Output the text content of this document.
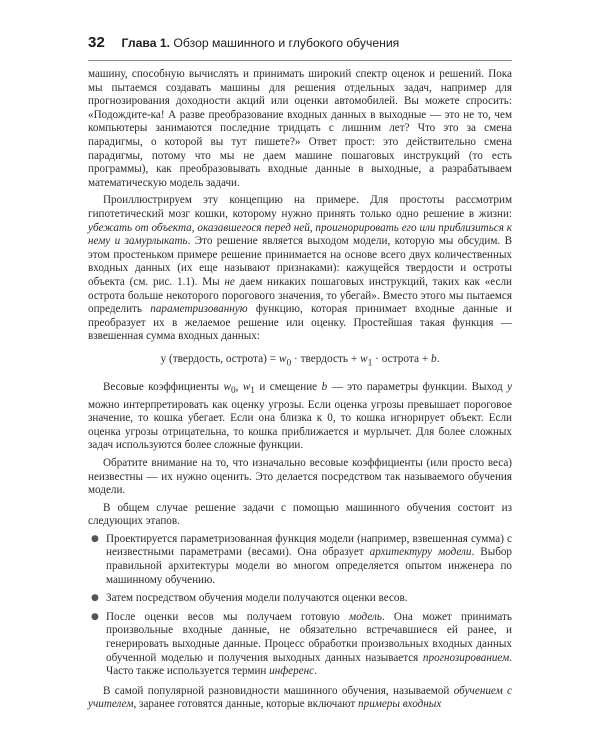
32 Глава 1. Обзор машинного и глубокого обучения

машину, способную вычислять и принимать широкий спектр оценок и решений. Пока мы пытаемся создавать машины для решения отдельных задач, например для прогнозирования доходности акций или оценки автомобилей. Вы можете спросить: «Подождите-ка! А разве преобразование входных данных в выходные — это не то, чем компьютеры занимаются последние тридцать с лишним лет? Что это за смена парадигмы, о которой вы тут пишете?» Ответ прост: это действительно смена парадигмы, потому что мы не даем машине пошаговых инструкций (то есть программы), как преобразовывать входные данные в выходные, а разрабатываем математическую модель задачи.

Проиллюстрируем эту концепцию на примере. Для простоты рассмотрим гипотетический мозг кошки, которому нужно принять только одно решение в жизни: убежать от объекта, оказавшегося перед ней, проигнорировать его или приблизиться к нему и замурлыкать. Это решение является выходом модели, которую мы обсудим. В этом простеньком примере решение принимается на основе всего двух количественных входных данных (их еще называют признаками): кажущейся твердости и остроты объекта (см. рис. 1.1). Мы не даем никаких пошаговых инструкций, таких как «если острота больше некоторого порогового значения, то убегай». Вместо этого мы пытаемся определить параметризованную функцию, которая принимает входные данные и преобразует их в желаемое решение или оценку. Простейшая такая функция — взвешенная сумма входных данных:

y (твердость, острота) = $w_0$ · твердость + $w_1$ · острота + b.

Весовые коэффициенты $w_0$, $w_1$ и смещение b — это параметры функции. Выход y можно интерпретировать как оценку угрозы. Если оценка угрозы превышает пороговое значение, то кошка убегает. Если она близка к 0, то кошка игнорирует объект. Если оценка угрозы отрицательна, то кошка приближается и мурлычет. Для более сложных задач используются более сложные функции.

Обратите внимание на то, что изначально весовые коэффициенты (или просто веса) неизвестны — их нужно оценить. Это делается посредством так называемого обучения модели.

В общем случае решение задачи с помощью машинного обучения состоит из следующих этапов.

● Проектируется параметризованная функция модели (например, взвешенная сумма) с неизвестными параметрами (весами). Она образует архитектуру модели. Выбор правильной архитектуры модели во многом определяется опытом инженера по машинному обучению.
● Затем посредством обучения модели получаются оценки весов.
● После оценки весов мы получаем готовую модель. Она может принимать произвольные входные данные, не обязательно встречавшиеся ей ранее, и генерировать выходные данные. Процесс обработки произвольных входных данных обученной моделью и получения выходных данных называется прогнозированием. Часто также используется термин инференс.

В самой популярной разновидности машинного обучения, называемой обучением с учителем, заранее готовятся данные, которые включают примеры входных
